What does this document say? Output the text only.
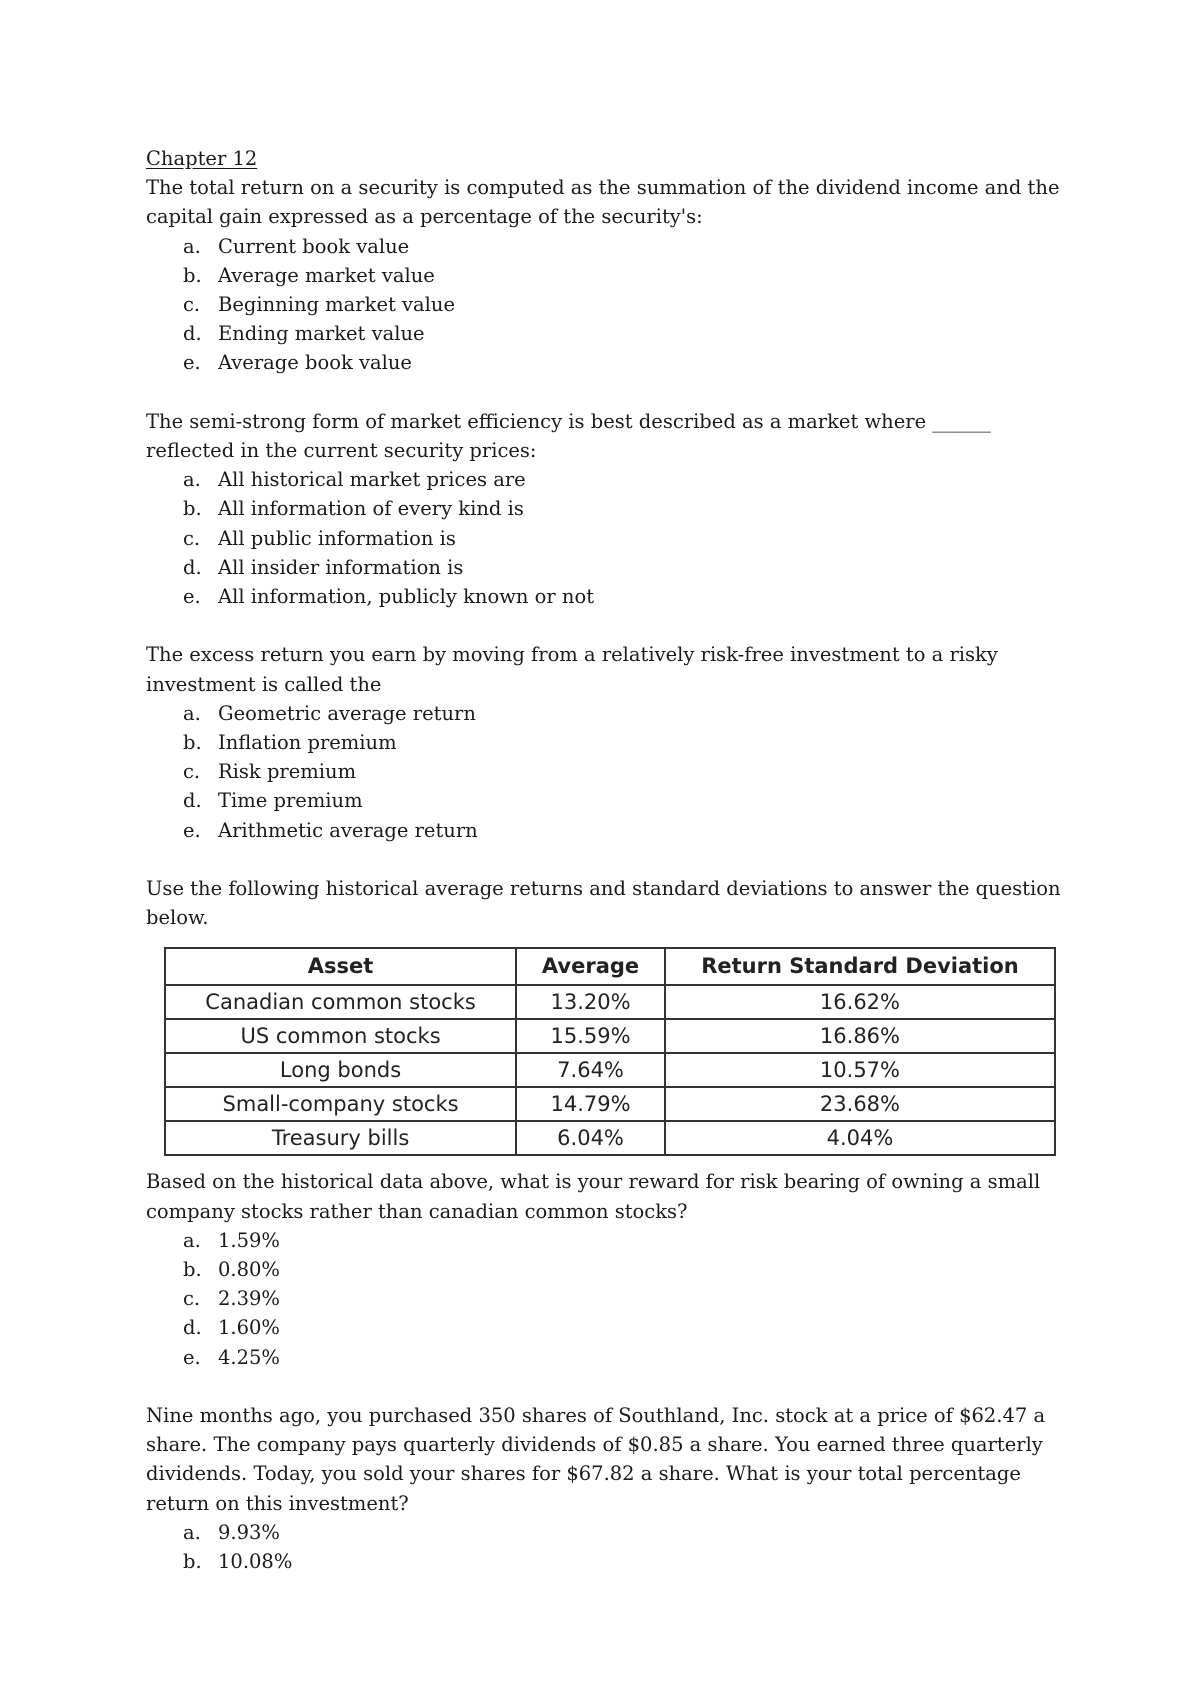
Chapter 12

The total return on a security is computed as the summation of the dividend income and the capital gain expressed as a percentage of the security's:

a. Current book value
b. Average market value
c. Beginning market value
d. Ending market value
e. Average book value

The semi-strong form of market efficiency is best described as a market where ______ reflected in the current security prices:

a. All historical market prices are
b. All information of every kind is
c. All public information is
d. All insider information is
e. All information, publicly known or not

The excess return you earn by moving from a relatively risk-free investment to a risky investment is called the

a. Geometric average return
b. Inflation premium
c. Risk premium
d. Time premium
e. Arithmetic average return

Use the following historical average returns and standard deviations to answer the question below.

Asset	Average	Return Standard Deviation
Canadian common stocks	13.20%	16.62%
US common stocks	15.59%	16.86%
Long bonds	7.64%	10.57%
Small-company stocks	14.79%	23.68%
Treasury bills	6.04%	4.04%

Based on the historical data above, what is your reward for risk bearing of owning a small company stocks rather than canadian common stocks?

a. 1.59%
b. 0.80%
c. 2.39%
d. 1.60%
e. 4.25%

Nine months ago, you purchased 350 shares of Southland, Inc. stock at a price of $62.47 a share. The company pays quarterly dividends of $0.85 a share. You earned three quarterly dividends. Today, you sold your shares for $67.82 a share. What is your total percentage return on this investment?

a. 9.93%
b. 10.08%
